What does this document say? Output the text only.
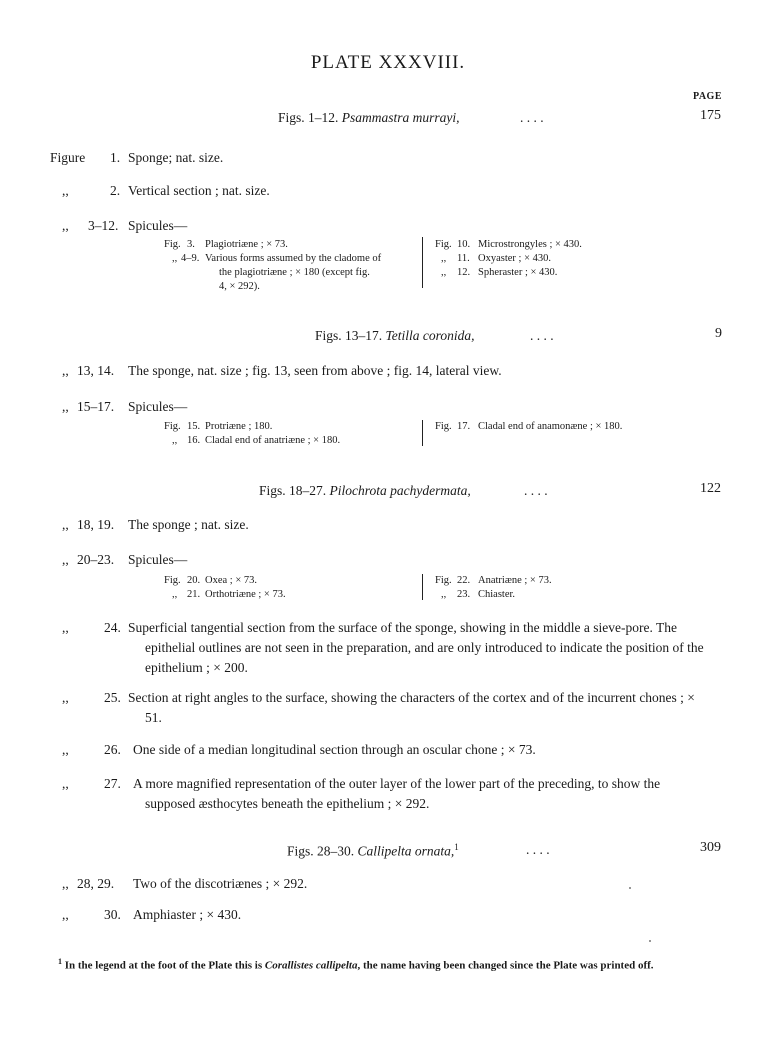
PLATE XXXVIII.
PAGE
Figs. 1–12. Psammastra murrayi,	. . . .	175
Figure 1. Sponge; nat. size.
,,	2. Vertical section ; nat. size.
,, 3–12. Spicules—
Fig. 3. Plagiotriæne ; × 73.
,, 4–9. Various forms assumed by the cladome of
the plagiotriæne ; × 180 (except fig.
4, × 292).
Fig. 10. Microstrongyles ; × 430.
,, 11. Oxyaster ; × 430.
,, 12. Spheraster ; × 430.
Figs. 13–17. Tetilla coronida,	. . . .	9
,, 13, 14. The sponge, nat. size ; fig. 13, seen from above ; fig. 14, lateral view.
,, 15–17. Spicules—
Fig. 15. Protriæne ; 180.
,, 16. Cladal end of anatriæne ; × 180.
Fig. 17. Cladal end of anamonæne ; × 180.
Figs. 18–27. Pilochrota pachydermata,	. . . .	122
,, 18, 19. The sponge ; nat. size.
,, 20–23. Spicules—
Fig. 20. Oxea ; × 73.
,, 21. Orthotriæne ; × 73.
Fig. 22. Anatriæne ; × 73.
,, 23. Chiaster.
,,	24. Superficial tangential section from the surface of the sponge, showing in the middle a sieve-pore. The epithelial outlines are not seen in the preparation, and are only introduced to indicate the position of the epithelium ; × 200.
,,	25. Section at right angles to the surface, showing the characters of the cortex and of the incurrent chones ; × 51.
,,	26. One side of a median longitudinal section through an oscular chone ; × 73.
,,	27. A more magnified representation of the outer layer of the lower part of the preceding, to show the supposed æsthocytes beneath the epithelium ; × 292.
Figs. 28–30. Callipelta ornata,$^1$	. . . .	309
,, 28, 29. Two of the discotriænes ; × 292.
,,	30. Amphiaster ; × 430.
$^1$ In the legend at the foot of the Plate this is Corallistes callipelta, the name having been changed since the Plate was printed off.
